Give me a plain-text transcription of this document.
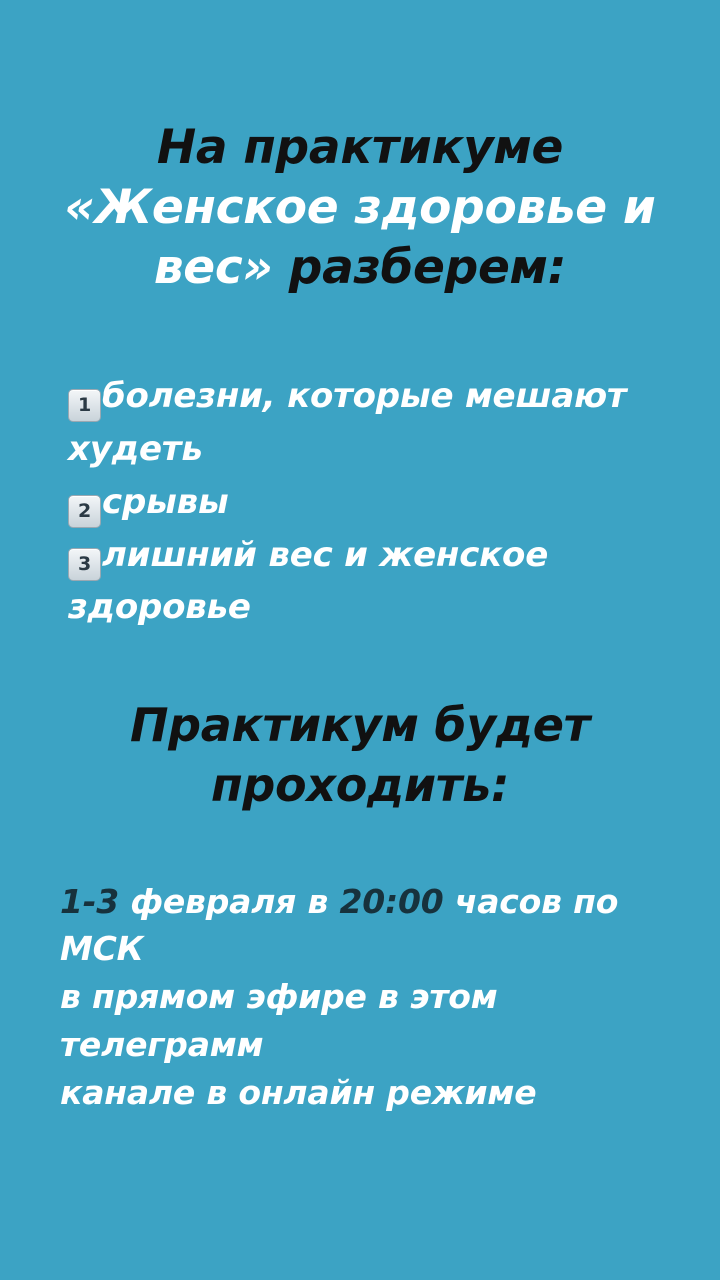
На практикуме
«Женское здоровье и
вес» разберем:
1 болезни, которые мешают худеть
2 срывы
3 лишний вес и женское здоровье
Практикум будет
проходить:

1-3 февраля в 20:00 часов по МСК
в прямом эфире в этом телеграмм
канале в онлайн режиме
